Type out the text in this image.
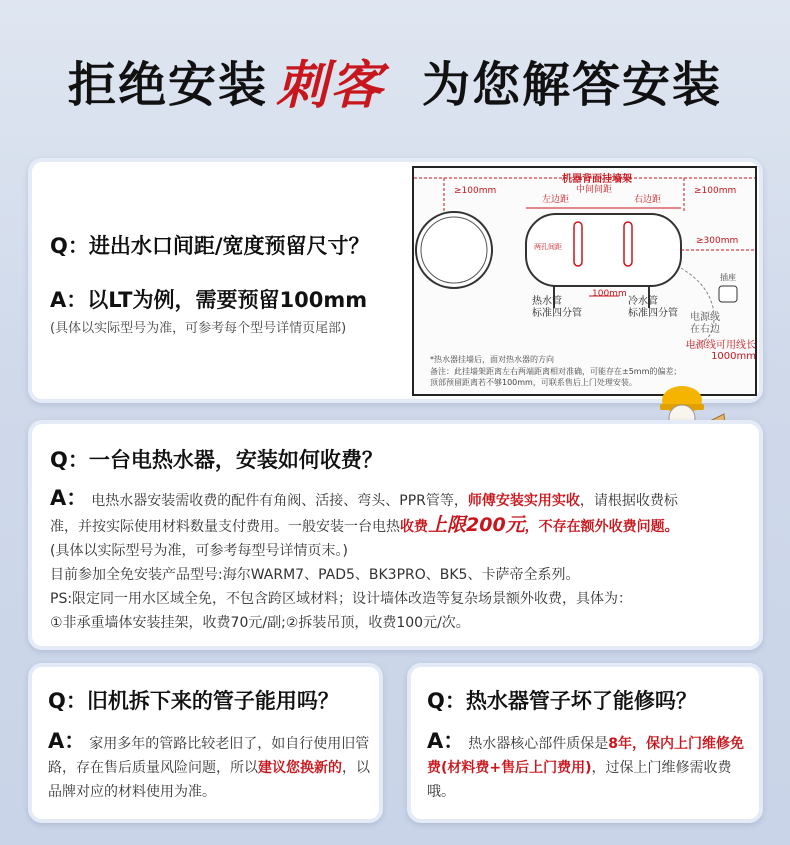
拒绝安装 刺客 为您解答安装
Q：进出水口间距/宽度预留尺寸？
A：以LT为例，需要预留100mm
(具体以实际型号为准，可参考每个型号详情页尾部)
≥100mm
机器背面挂墙架
中间间距
左边距	右边距
≥100mm
≥300mm
两孔间距
热水管
标准四分管
100mm
冷水管
标准四分管
插座
电源线
在右边
电源线可用线长
1000mm
*热水器挂墙后，面对热水器的方向
备注：此挂墙架距离左右两端距离相对准确，可能存在±5mm的偏差；
顶部预留距离若不够100mm，可联系售后上门处理安装。
Q：一台电热水器，安装如何收费？
A： 电热水器安装需收费的配件有角阀、活接、弯头、PPR管等，师傅安装实用实收，请根据收费标
准，并按实际使用材料数量支付费用。一般安装一台电热收费上限200元，不存在额外收费问题。
(具体以实际型号为准，可参考每型号详情页末。)
目前参加全免安装产品型号:海尔WARM7、PAD5、BK3PRO、BK5、卡萨帝全系列。
PS:限定同一用水区域全免，不包含跨区域材料；设计墙体改造等复杂场景额外收费，具体为：
①非承重墙体安装挂架，收费70元/副;②拆装吊顶，收费100元/次。
Q：旧机拆下来的管子能用吗？
A： 家用多年的管路比较老旧了，如自行使用旧管路，存在售后质量风险问题，所以建议您换新的，以品牌对应的材料使用为准。
Q：热水器管子坏了能修吗？
A： 热水器核心部件质保是8年，保内上门维修免费(材料费+售后上门费用)，过保上门维修需收费哦。
